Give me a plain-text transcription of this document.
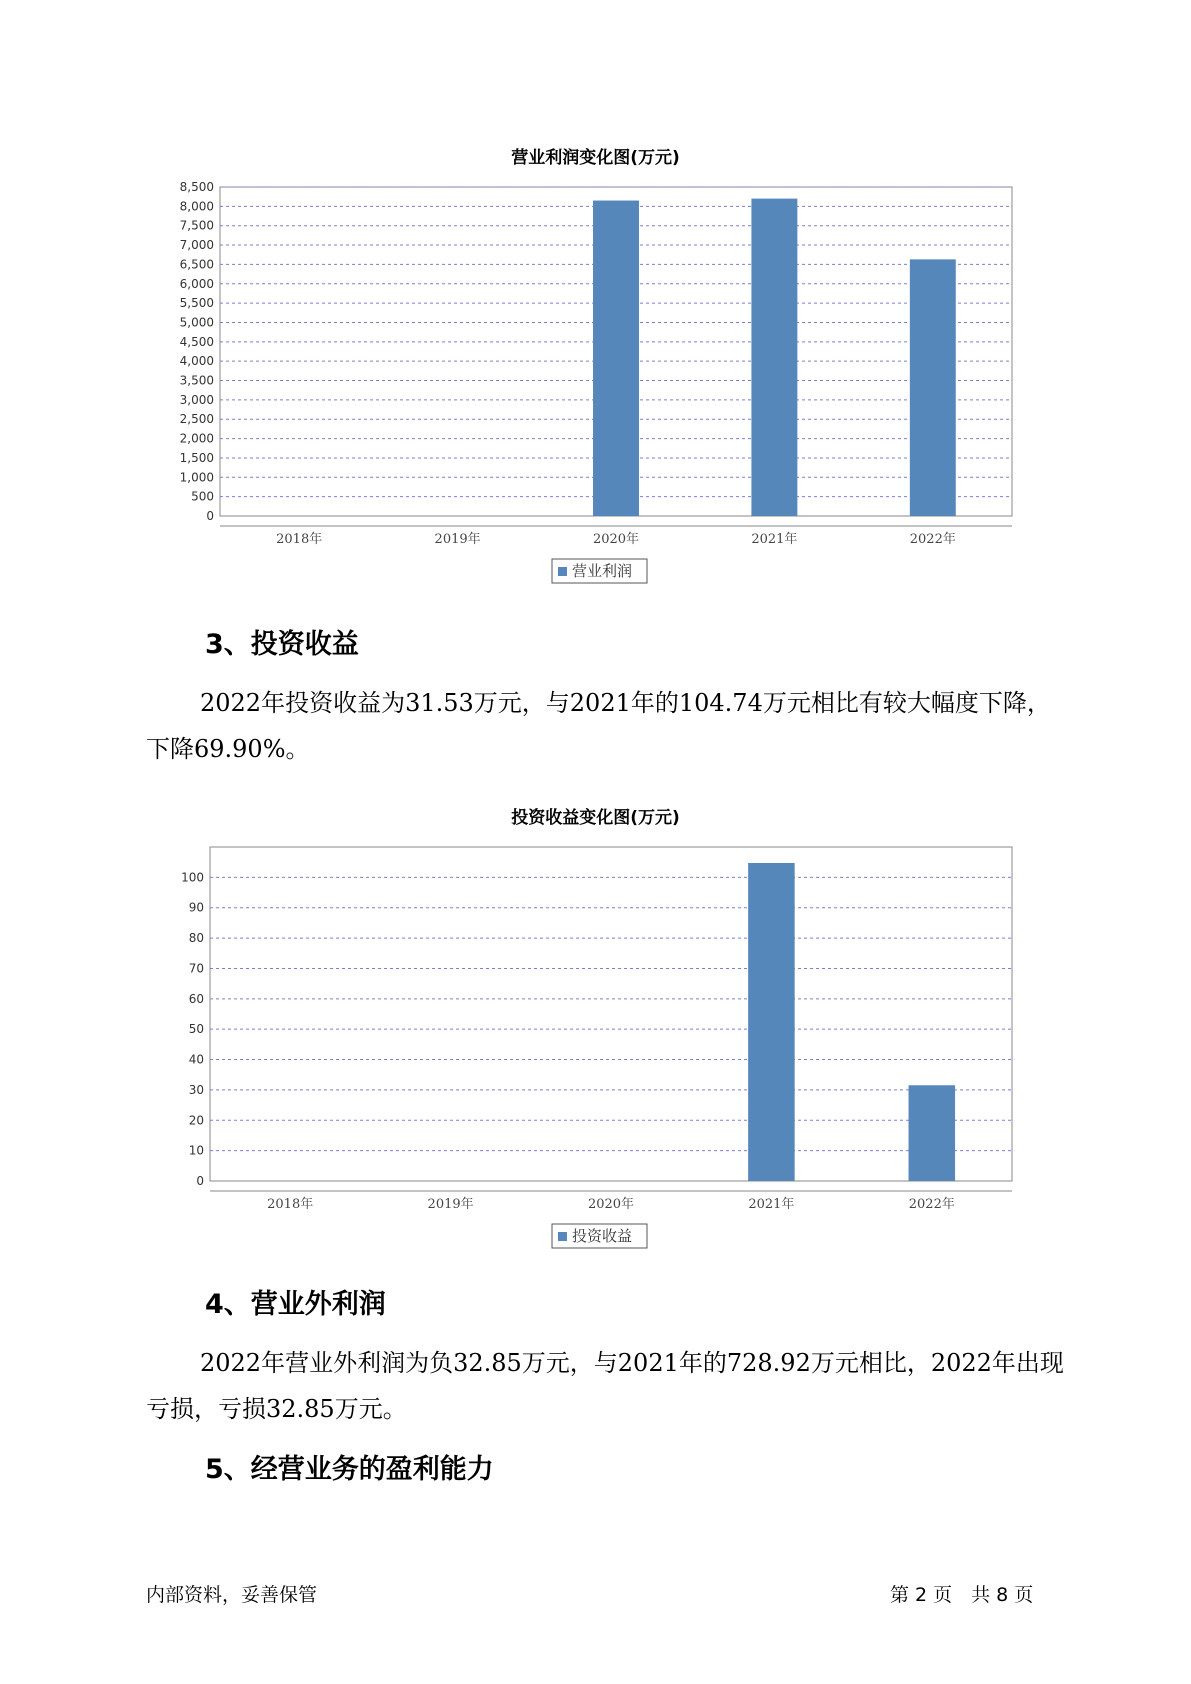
营业利润变化图(万元)
0
500
1,000
1,500
2,000
2,500
3,000
3,500
4,000
4,500
5,000
5,500
6,000
6,500
7,000
7,500
8,000
8,500
2018年	2019年	2020年	2021年	2022年
营业利润
3、投资收益

2022年投资收益为31.53万元，与2021年的104.74万元相比有较大幅度下降，下降69.90%。

投资收益变化图(万元)
0
10
20
30
40
50
60
70
80
90
100
2018年	2019年	2020年	2021年	2022年
投资收益
4、营业外利润

2022年营业外利润为负32.85万元，与2021年的728.92万元相比，2022年出现亏损，亏损32.85万元。

5、经营业务的盈利能力
内部资料，妥善保管	第 2 页　共 8 页
